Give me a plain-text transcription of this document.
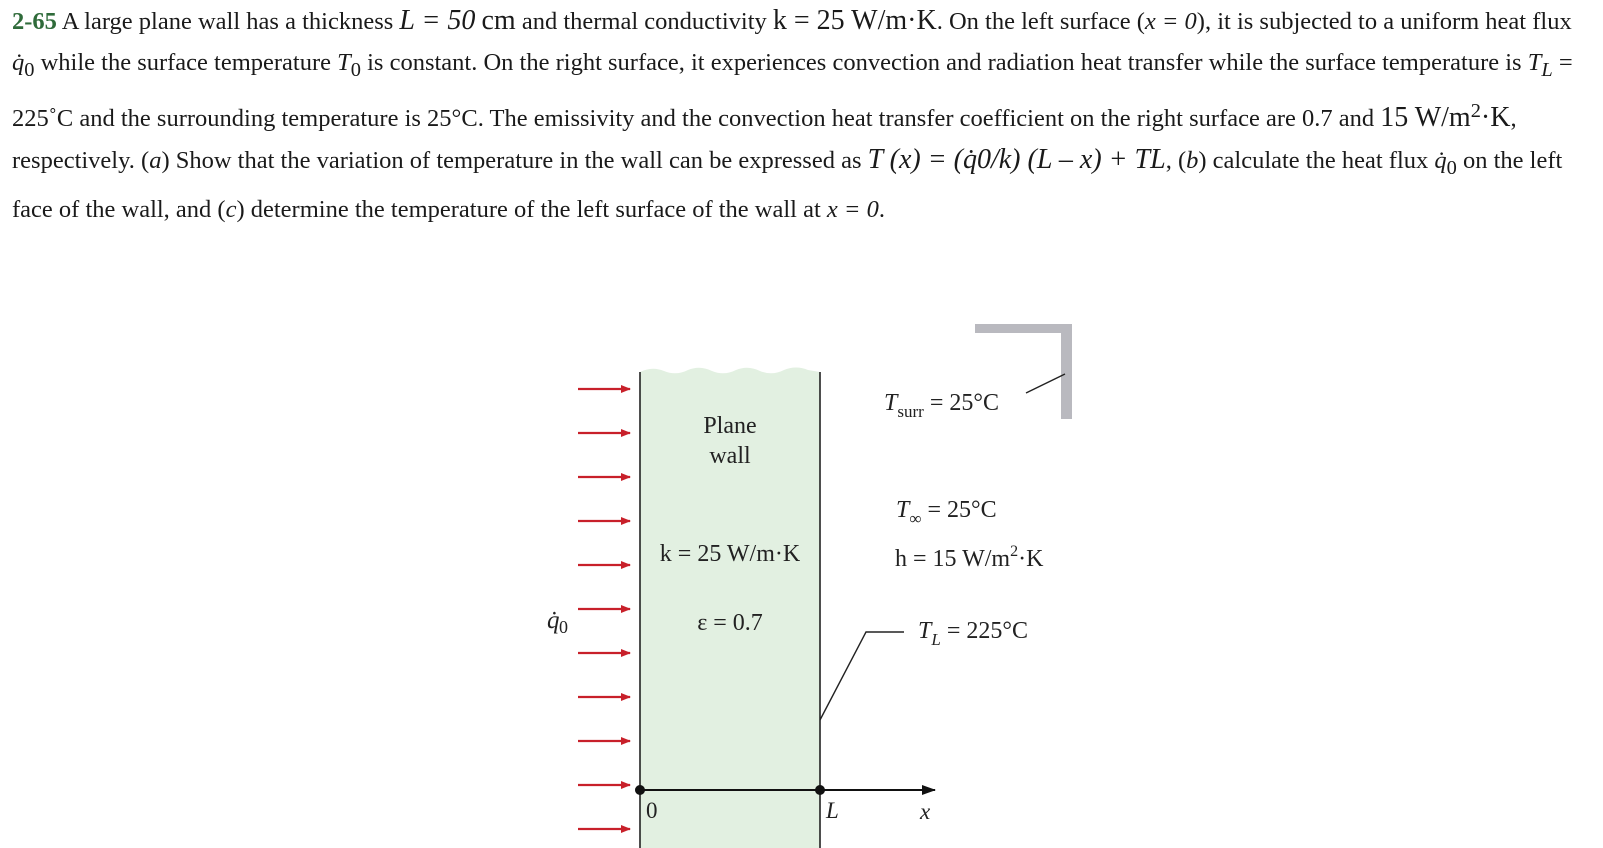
2-65 A large plane wall has a thickness L = 50 cm and thermal conductivity k = 25 W/m·K. On the left surface (x = 0), it is subjected to a uniform heat flux $q̇_0$ while the surface temperature $T_0$ is constant. On the right surface, it experiences convection and radiation heat transfer while the surface temperature is $T_L$ = 225˚C and the surrounding temperature is 25°C. The emissivity and the convection heat transfer coefficient on the right surface are 0.7 and 15 $W/m^2\cdot K$, respectively. (a) Show that the variation of temperature in the wall can be expressed as T (x) = (q̇0/k) (L – x) + TL, (b) calculate the heat flux $q̇_0$ on the left face of the wall, and (c) determine the temperature of the left surface of the wall at x = 0.
q̇ 0
Plane
wall
k = 25 W/m·K
ε = 0.7
$T_{surr} = 25^\circ C$
$T_\infty = 25^\circ C$
h = 15 $W/m^2\cdot K$
$T_L = 225^\circ C$
0	L	x
